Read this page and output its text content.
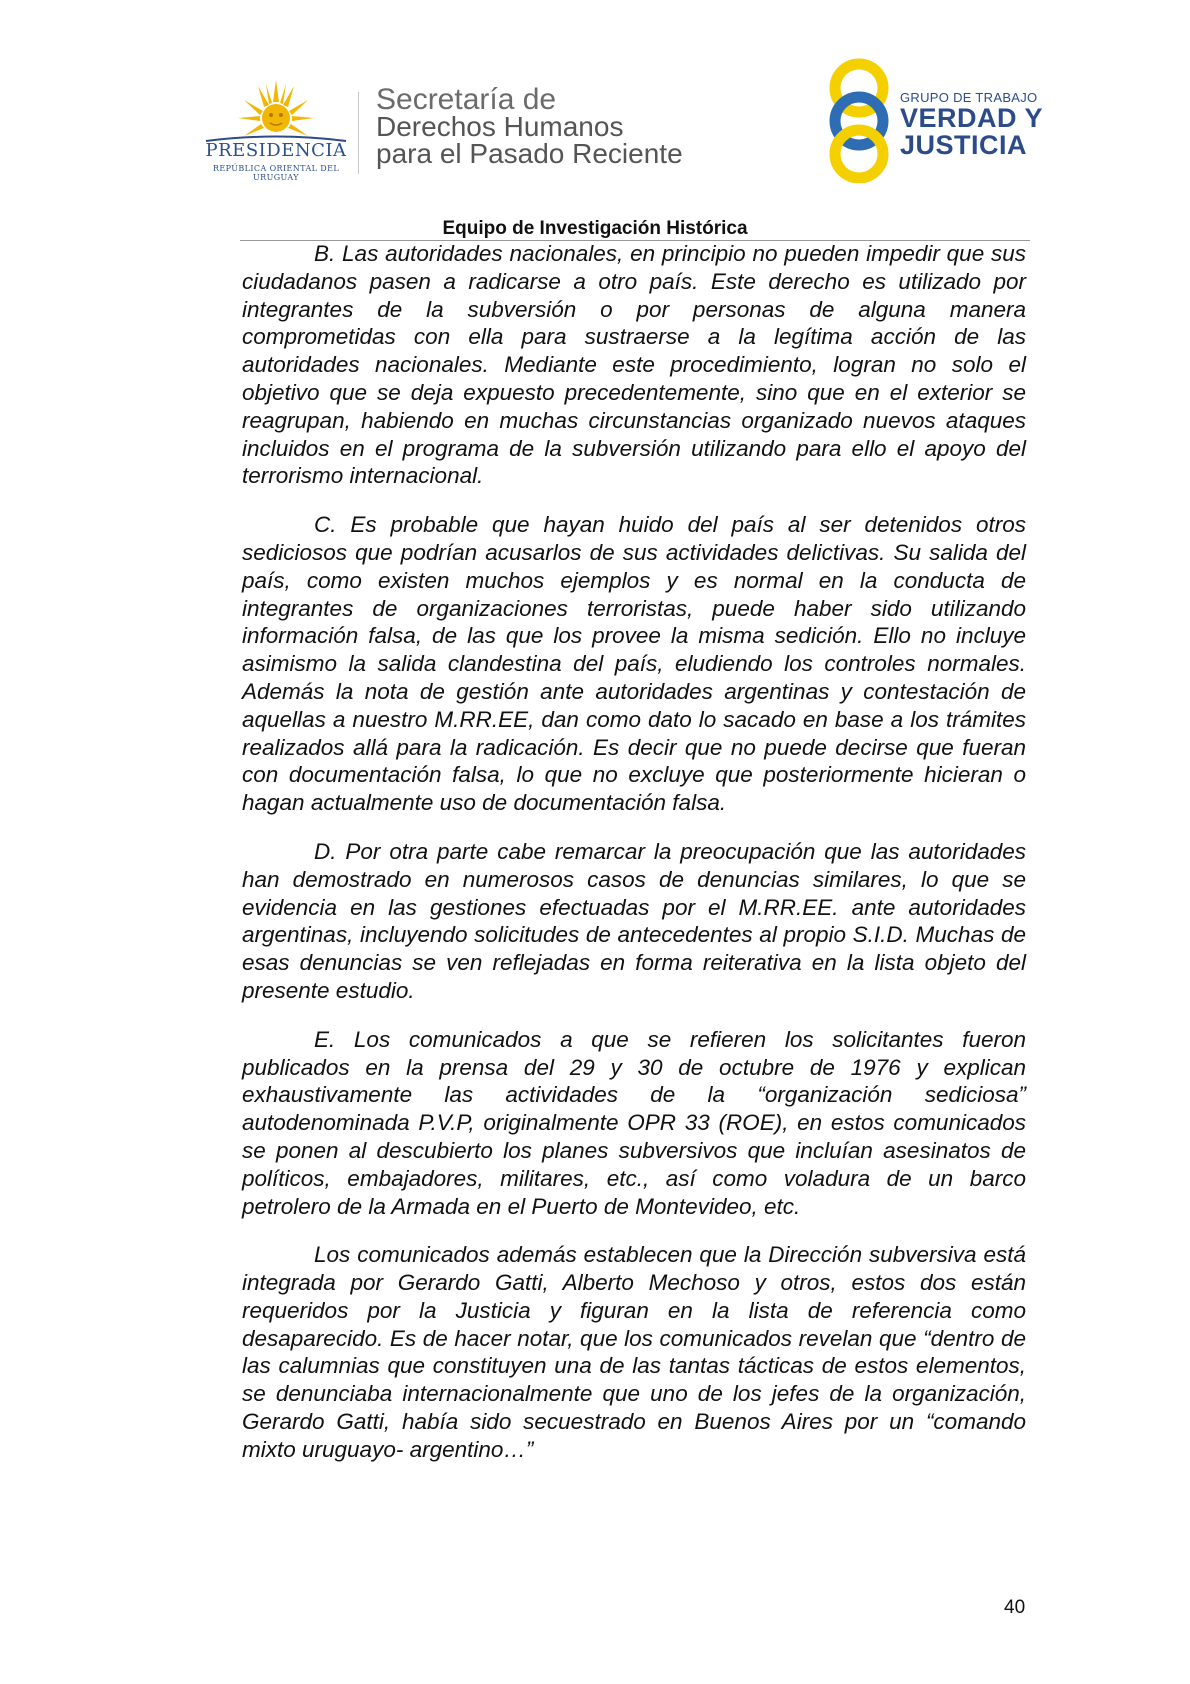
PRESIDENCIA
REPÚBLICA ORIENTAL DEL URUGUAY
Secretaría de
Derechos Humanos
para el Pasado Reciente
GRUPO DE TRABAJO
VERDAD Y
JUSTICIA
Equipo de Investigación Histórica

B. Las autoridades nacionales, en principio no pueden impedir que sus ciudadanos pasen a radicarse a otro país. Este derecho es utilizado por integrantes de la subversión o por personas de alguna manera comprometidas con ella para sustraerse a la legítima acción de las autoridades nacionales. Mediante este procedimiento, logran no solo el objetivo que se deja expuesto precedentemente, sino que en el exterior se reagrupan, habiendo en muchas circunstancias organizado nuevos ataques incluidos en el programa de la subversión utilizando para ello el apoyo del terrorismo internacional.

C. Es probable que hayan huido del país al ser detenidos otros sediciosos que podrían acusarlos de sus actividades delictivas. Su salida del país, como existen muchos ejemplos y es normal en la conducta de integrantes de organizaciones terroristas, puede haber sido utilizando información falsa, de las que los provee la misma sedición. Ello no incluye asimismo la salida clandestina del país, eludiendo los controles normales. Además la nota de gestión ante autoridades argentinas y contestación de aquellas a nuestro M.RR.EE, dan como dato lo sacado en base a los trámites realizados allá para la radicación. Es decir que no puede decirse que fueran con documentación falsa, lo que no excluye que posteriormente hicieran o hagan actualmente uso de documentación falsa.

D. Por otra parte cabe remarcar la preocupación que las autoridades han demostrado en numerosos casos de denuncias similares, lo que se evidencia en las gestiones efectuadas por el M.RR.EE. ante autoridades argentinas, incluyendo solicitudes de antecedentes al propio S.I.D. Muchas de esas denuncias se ven reflejadas en forma reiterativa en la lista objeto del presente estudio.

E. Los comunicados a que se refieren los solicitantes fueron publicados en la prensa del 29 y 30 de octubre de 1976 y explican exhaustivamente las actividades de la “organización sediciosa” autodenominada P.V.P, originalmente OPR 33 (ROE), en estos comunicados se ponen al descubierto los planes subversivos que incluían asesinatos de políticos, embajadores, militares, etc., así como voladura de un barco petrolero de la Armada en el Puerto de Montevideo, etc.

Los comunicados además establecen que la Dirección subversiva está integrada por Gerardo Gatti, Alberto Mechoso y otros, estos dos están requeridos por la Justicia y figuran en la lista de referencia como desaparecido. Es de hacer notar, que los comunicados revelan que “dentro de las calumnias que constituyen una de las tantas tácticas de estos elementos, se denunciaba internacionalmente que uno de los jefes de la organización, Gerardo Gatti, había sido secuestrado en Buenos Aires por un “comando mixto uruguayo- argentino…”

40
